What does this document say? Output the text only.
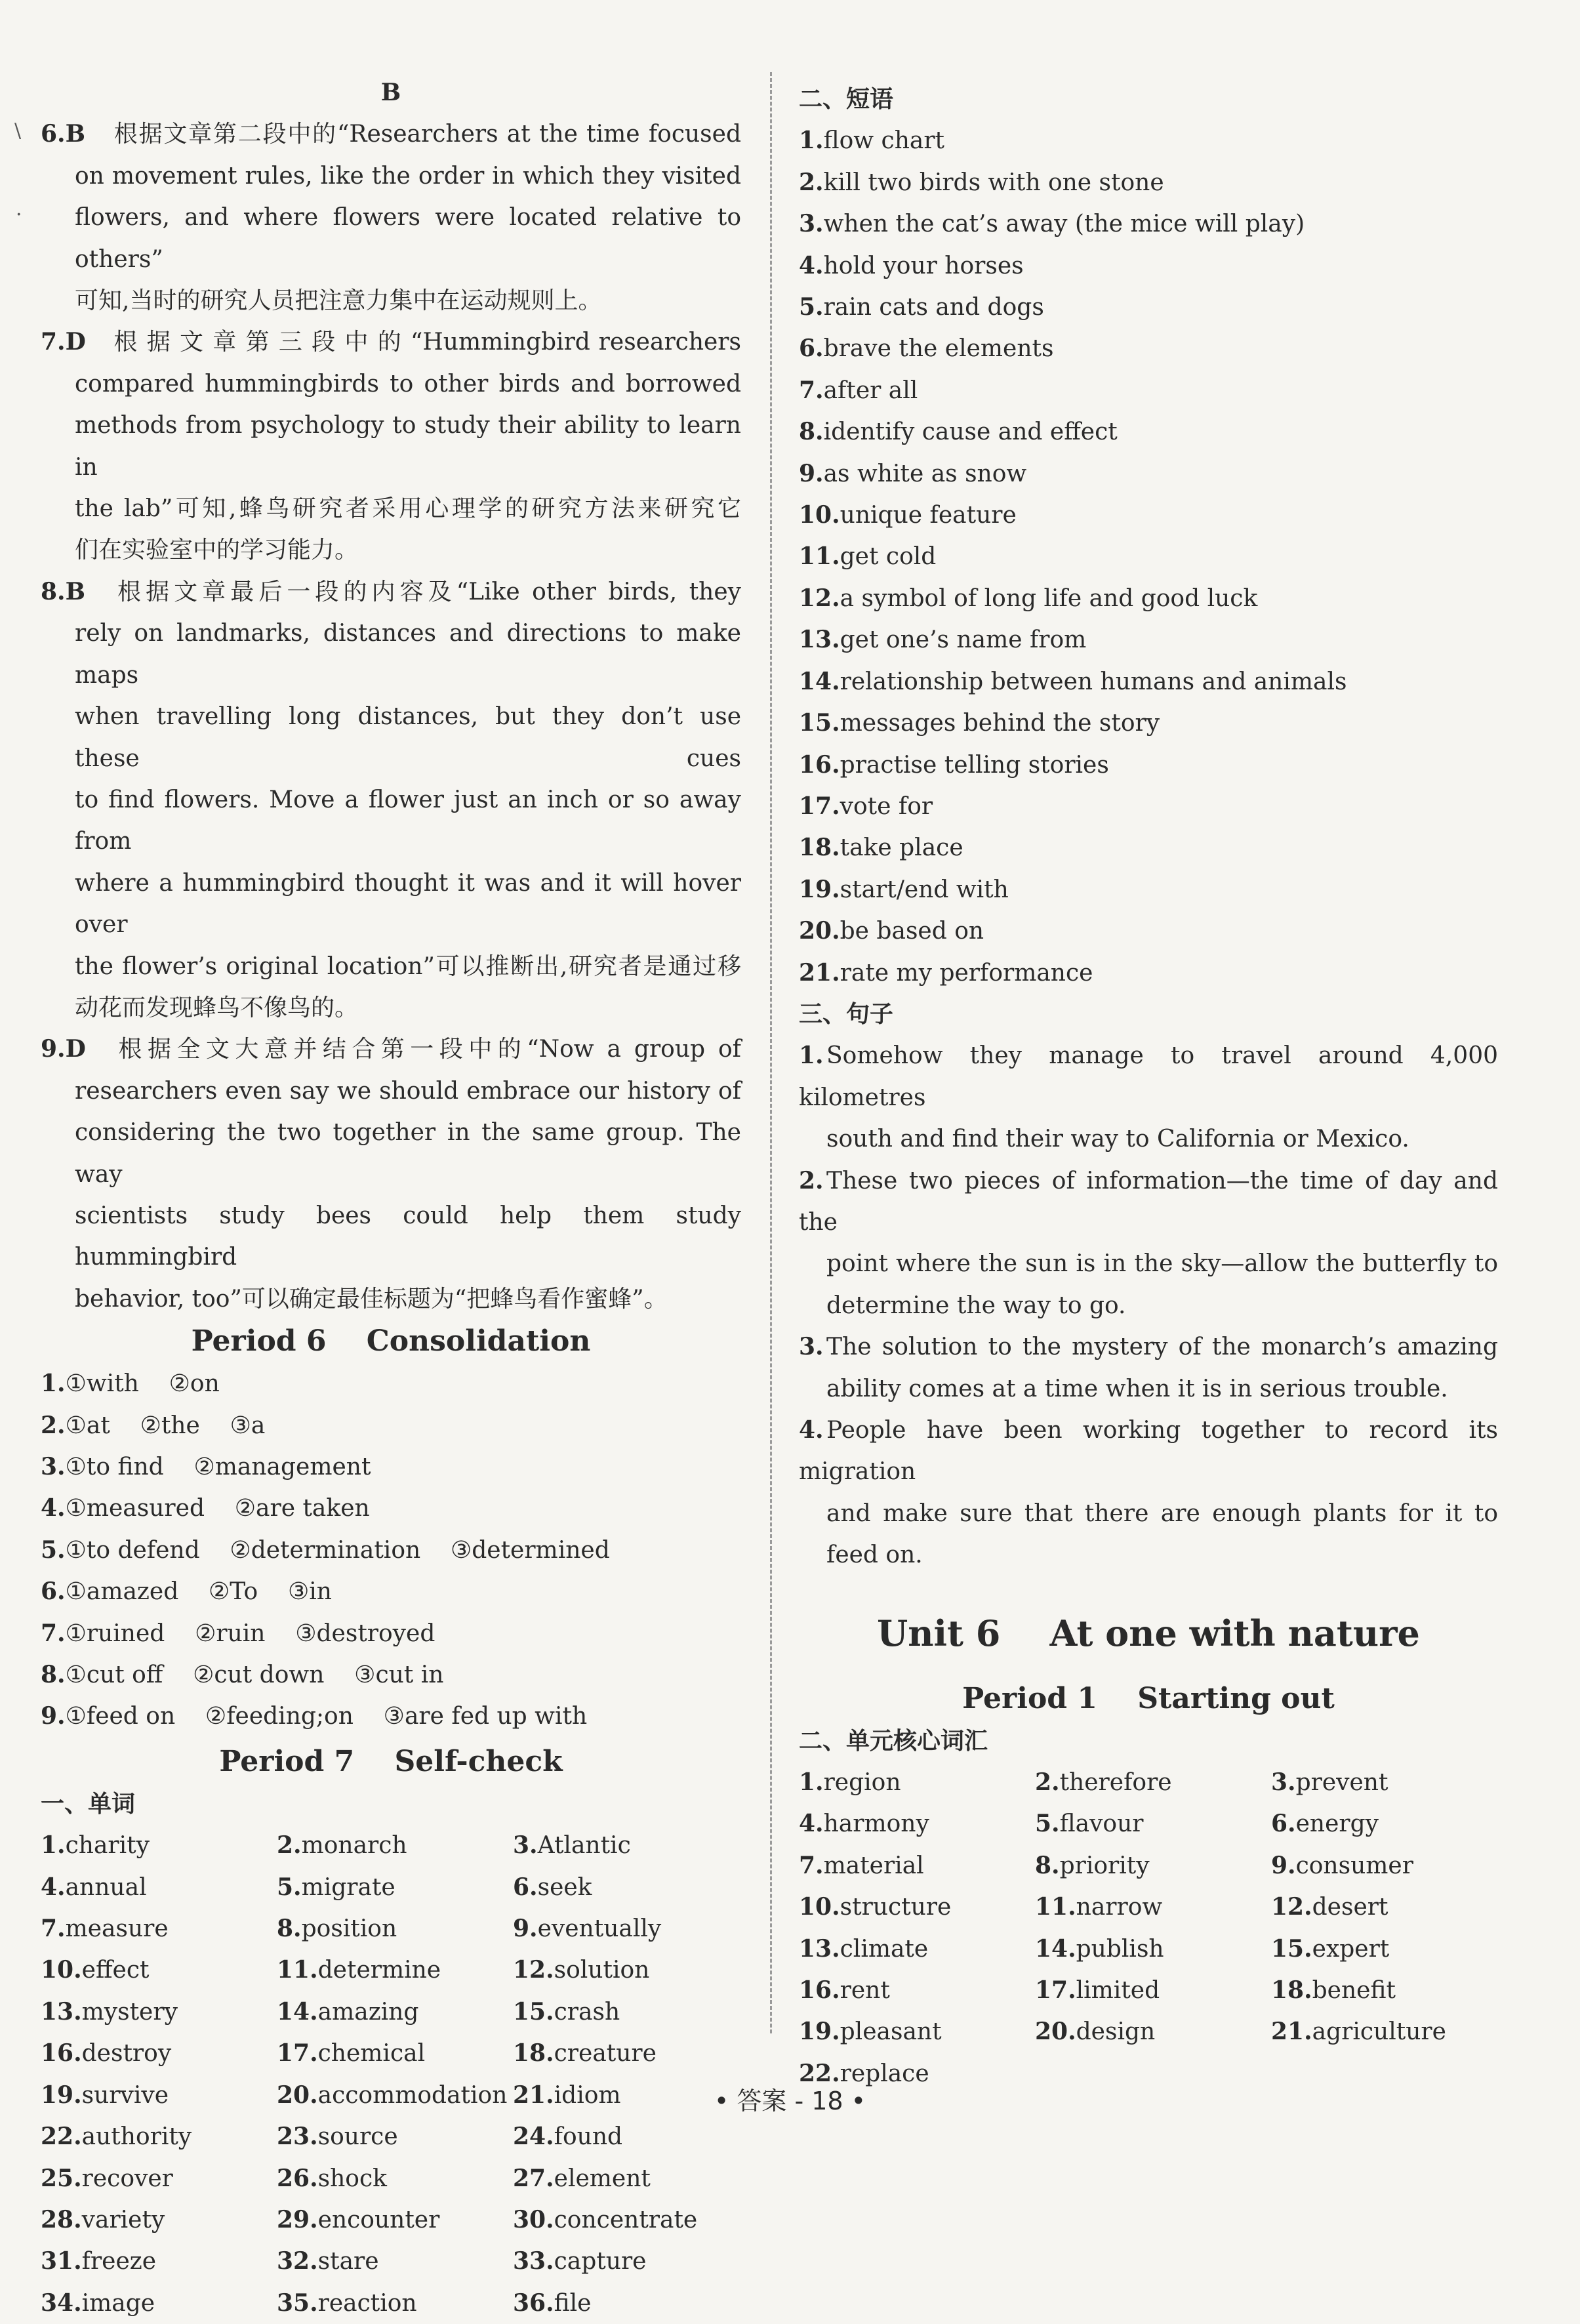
\
·
B
6.B 根据文章第二段中的“Researchers at the time focused
on movement rules, like the order in which they visited
flowers, and where flowers were located relative to others”
可知,当时的研究人员把注意力集中在运动规则上。
7.D 根 据 文 章 第 三 段 中 的 “Hummingbird researchers
compared hummingbirds to other birds and borrowed
methods from psychology to study their ability to learn in
the lab”可知,蜂鸟研究者采用心理学的研究方法来研究它
们在实验室中的学习能力。
8.B 根据文章最后一段的内容及“Like other birds, they
rely on landmarks, distances and directions to make maps
when travelling long distances, but they don’t use these cues
to find flowers. Move a flower just an inch or so away from
where a hummingbird thought it was and it will hover over
the flower’s original location”可以推断出,研究者是通过移
动花而发现蜂鸟不像鸟的。
9.D 根据全文大意并结合第一段中的“Now a group of
researchers even say we should embrace our history of
considering the two together in the same group. The way
scientists study bees could help them study hummingbird
behavior, too”可以确定最佳标题为“把蜂鸟看作蜜蜂”。
Period 6    Consolidation
1.①with    ②on
2.①at    ②the    ③a
3.①to find    ②management
4.①measured    ②are taken
5.①to defend    ②determination    ③determined
6.①amazed    ②To    ③in
7.①ruined    ②ruin    ③destroyed
8.①cut off    ②cut down    ③cut in
9.①feed on    ②feeding;on    ③are fed up with
Period 7    Self-check
一、单词
1.charity	2.monarch	3.Atlantic
4.annual	5.migrate	6.seek
7.measure	8.position	9.eventually
10.effect	11.determine	12.solution
13.mystery	14.amazing	15.crash
16.destroy	17.chemical	18.creature
19.survive	20.accommodation 21.idiom
22.authority	23.source	24.found
25.recover	26.shock	27.element
28.variety	29.encounter	30.concentrate
31.freeze	32.stare	33.capture
34.image	35.reaction	36.file
二、短语
1.flow chart
2.kill two birds with one stone
3.when the cat’s away (the mice will play)
4.hold your horses
5.rain cats and dogs
6.brave the elements
7.after all
8.identify cause and effect
9.as white as snow
10.unique feature
11.get cold
12.a symbol of long life and good luck
13.get one’s name from
14.relationship between humans and animals
15.messages behind the story
16.practise telling stories
17.vote for
18.take place
19.start/end with
20.be based on
21.rate my performance
三、句子
1. Somehow they manage to travel around 4,000 kilometres
south and find their way to California or Mexico.
2. These two pieces of information—the time of day and the
point where the sun is in the sky—allow the butterfly to
determine the way to go.
3. The solution to the mystery of the monarch’s amazing
ability comes at a time when it is in serious trouble.
4. People have been working together to record its migration
and make sure that there are enough plants for it to
feed on.
Unit 6    At one with nature
Period 1    Starting out
二、单元核心词汇
1.region	2.therefore	3.prevent
4.harmony	5.flavour	6.energy
7.material	8.priority	9.consumer
10.structure	11.narrow	12.desert
13.climate	14.publish	15.expert
16.rent	17.limited	18.benefit
19.pleasant	20.design	21.agriculture
22.replace
• 答案 - 18 •
